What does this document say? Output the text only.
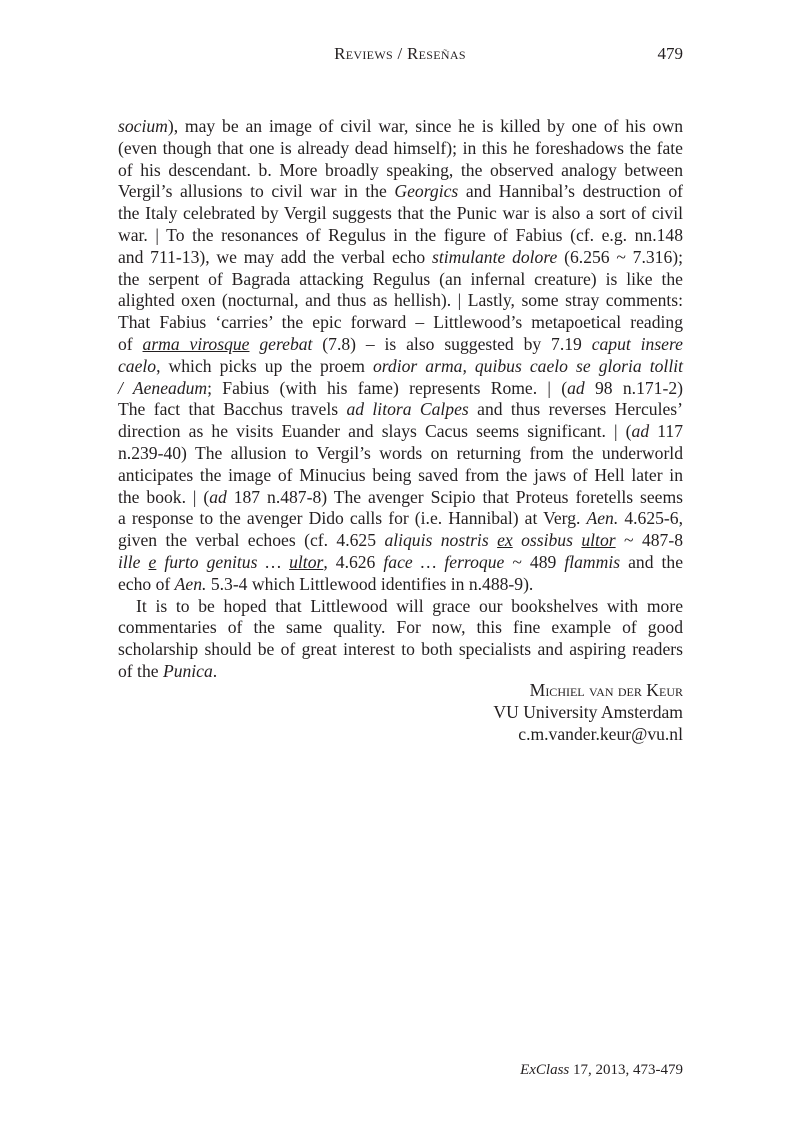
Reviews / Reseñas	479
socium), may be an image of civil war, since he is killed by one of his own
(even though that one is already dead himself); in this he foreshadows the fate
of his descendant. b. More broadly speaking, the observed analogy between
Vergil’s allusions to civil war in the Georgics and Hannibal’s destruction of
the Italy celebrated by Vergil suggests that the Punic war is also a sort of civil
war. | To the resonances of Regulus in the figure of Fabius (cf. e.g. nn.148
and 711-13), we may add the verbal echo stimulante dolore (6.256 ~ 7.316);
the serpent of Bagrada attacking Regulus (an infernal creature) is like the
alighted oxen (nocturnal, and thus as hellish). | Lastly, some stray comments:
That Fabius ‘carries’ the epic forward – Littlewood’s metapoetical reading
of arma virosque gerebat (7.8) – is also suggested by 7.19 caput insere
caelo, which picks up the proem ordior arma, quibus caelo se gloria tollit
/ Aeneadum; Fabius (with his fame) represents Rome. | (ad 98 n.171-2)
The fact that Bacchus travels ad litora Calpes and thus reverses Hercules’
direction as he visits Euander and slays Cacus seems significant. | (ad 117
n.239-40) The allusion to Vergil’s words on returning from the underworld
anticipates the image of Minucius being saved from the jaws of Hell later in
the book. | (ad 187 n.487-8) The avenger Scipio that Proteus foretells seems
a response to the avenger Dido calls for (i.e. Hannibal) at Verg. Aen. 4.625-6,
given the verbal echoes (cf. 4.625 aliquis nostris ex ossibus ultor ~ 487-8
ille e furto genitus … ultor, 4.626 face … ferroque ~ 489 flammis and the
echo of Aen. 5.3-4 which Littlewood identifies in n.488-9).
It is to be hoped that Littlewood will grace our bookshelves with more
commentaries of the same quality. For now, this fine example of good
scholarship should be of great interest to both specialists and aspiring readers
of the Punica.
Michiel van der Keur
VU University Amsterdam
c.m.vander.keur@vu.nl
ExClass 17, 2013, 473-479
